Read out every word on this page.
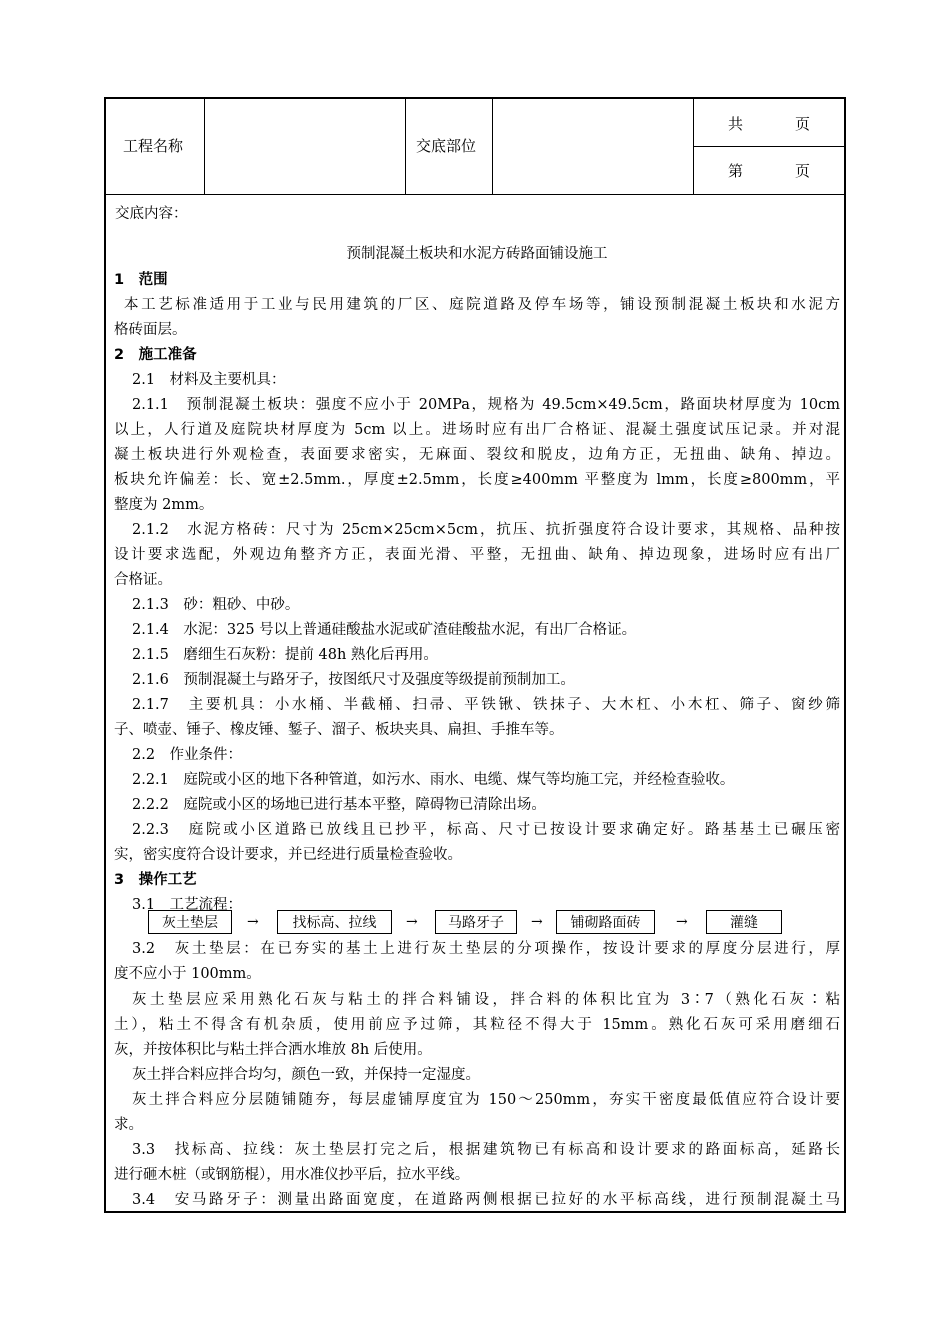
工程名称	交底部位
共	页
第	页
交底内容：
预制混凝土板块和水泥方砖路面铺设施工
1　范围
本工艺标准适用于工业与民用建筑的厂区、庭院道路及停车场等，铺设预制混凝土板块和水泥方
格砖面层。
2　施工准备
2.1　材料及主要机具：
2.1.1　预制混凝土板块：强度不应小于 20MPa，规格为 49.5cm×49.5cm，路面块材厚度为 10cm
以上，人行道及庭院块材厚度为 5cm 以上。进场时应有出厂合格证、混凝土强度试压记录。并对混
凝土板块进行外观检查，表面要求密实，无麻面、裂纹和脱皮，边角方正，无扭曲、缺角、掉边。
板块允许偏差：长、宽±2.5mm.，厚度±2.5mm，长度≥400mm 平整度为 lmm，长度≥800mm，平
整度为 2mm。
2.1.2　水泥方格砖：尺寸为 25cm×25cm×5cm，抗压、抗折强度符合设计要求，其规格、品种按
设计要求选配，外观边角整齐方正，表面光滑、平整，无扭曲、缺角、掉边现象，进场时应有出厂
合格证。
2.1.3　砂：粗砂、中砂。
2.1.4　水泥：325 号以上普通硅酸盐水泥或矿渣硅酸盐水泥，有出厂合格证。
2.1.5　磨细生石灰粉：提前 48h 熟化后再用。
2.1.6　预制混凝土与路牙子，按图纸尺寸及强度等级提前预制加工。
2.1.7　主要机具：小水桶、半截桶、扫帚、平铁锹、铁抹子、大木杠、小木杠、筛子、窗纱筛
子、喷壶、锤子、橡皮锤、錾子、溜子、板块夹具、扁担、手推车等。
2.2　作业条件：
2.2.1　庭院或小区的地下各种管道，如污水、雨水、电缆、煤气等均施工完，并经检查验收。
2.2.2　庭院或小区的场地已进行基本平整，障碍物已清除出场。
2.2.3　庭院或小区道路已放线且已抄平，标高、尺寸已按设计要求确定好。路基基土已碾压密
实，密实度符合设计要求，并已经进行质量检查验收。
3　操作工艺
3.1　工艺流程：
灰土垫层	→	找标高、拉线	→	马路牙子	→	铺砌路面砖	→	灌缝
3.2　灰土垫层：在已夯实的基土上进行灰土垫层的分项操作，按设计要求的厚度分层进行，厚
度不应小于 100mm。
灰土垫层应采用熟化石灰与粘土的拌合料铺设，拌合料的体积比宜为 3∶7（熟化石灰∶粘
土），粘土不得含有机杂质，使用前应予过筛，其粒径不得大于 15mm。熟化石灰可采用磨细石
灰，并按体积比与粘土拌合洒水堆放 8h 后使用。
灰土拌合料应拌合均匀，颜色一致，并保持一定湿度。
灰土拌合料应分层随铺随夯，每层虚铺厚度宜为 150～250mm，夯实干密度最低值应符合设计要
求。
3.3　找标高、拉线：灰土垫层打完之后，根据建筑物已有标高和设计要求的路面标高，延路长
进行砸木桩（或钢筋棍），用水准仪抄平后，拉水平线。
3.4　安马路牙子：测量出路面宽度，在道路两侧根据已拉好的水平标高线，进行预制混凝土马
